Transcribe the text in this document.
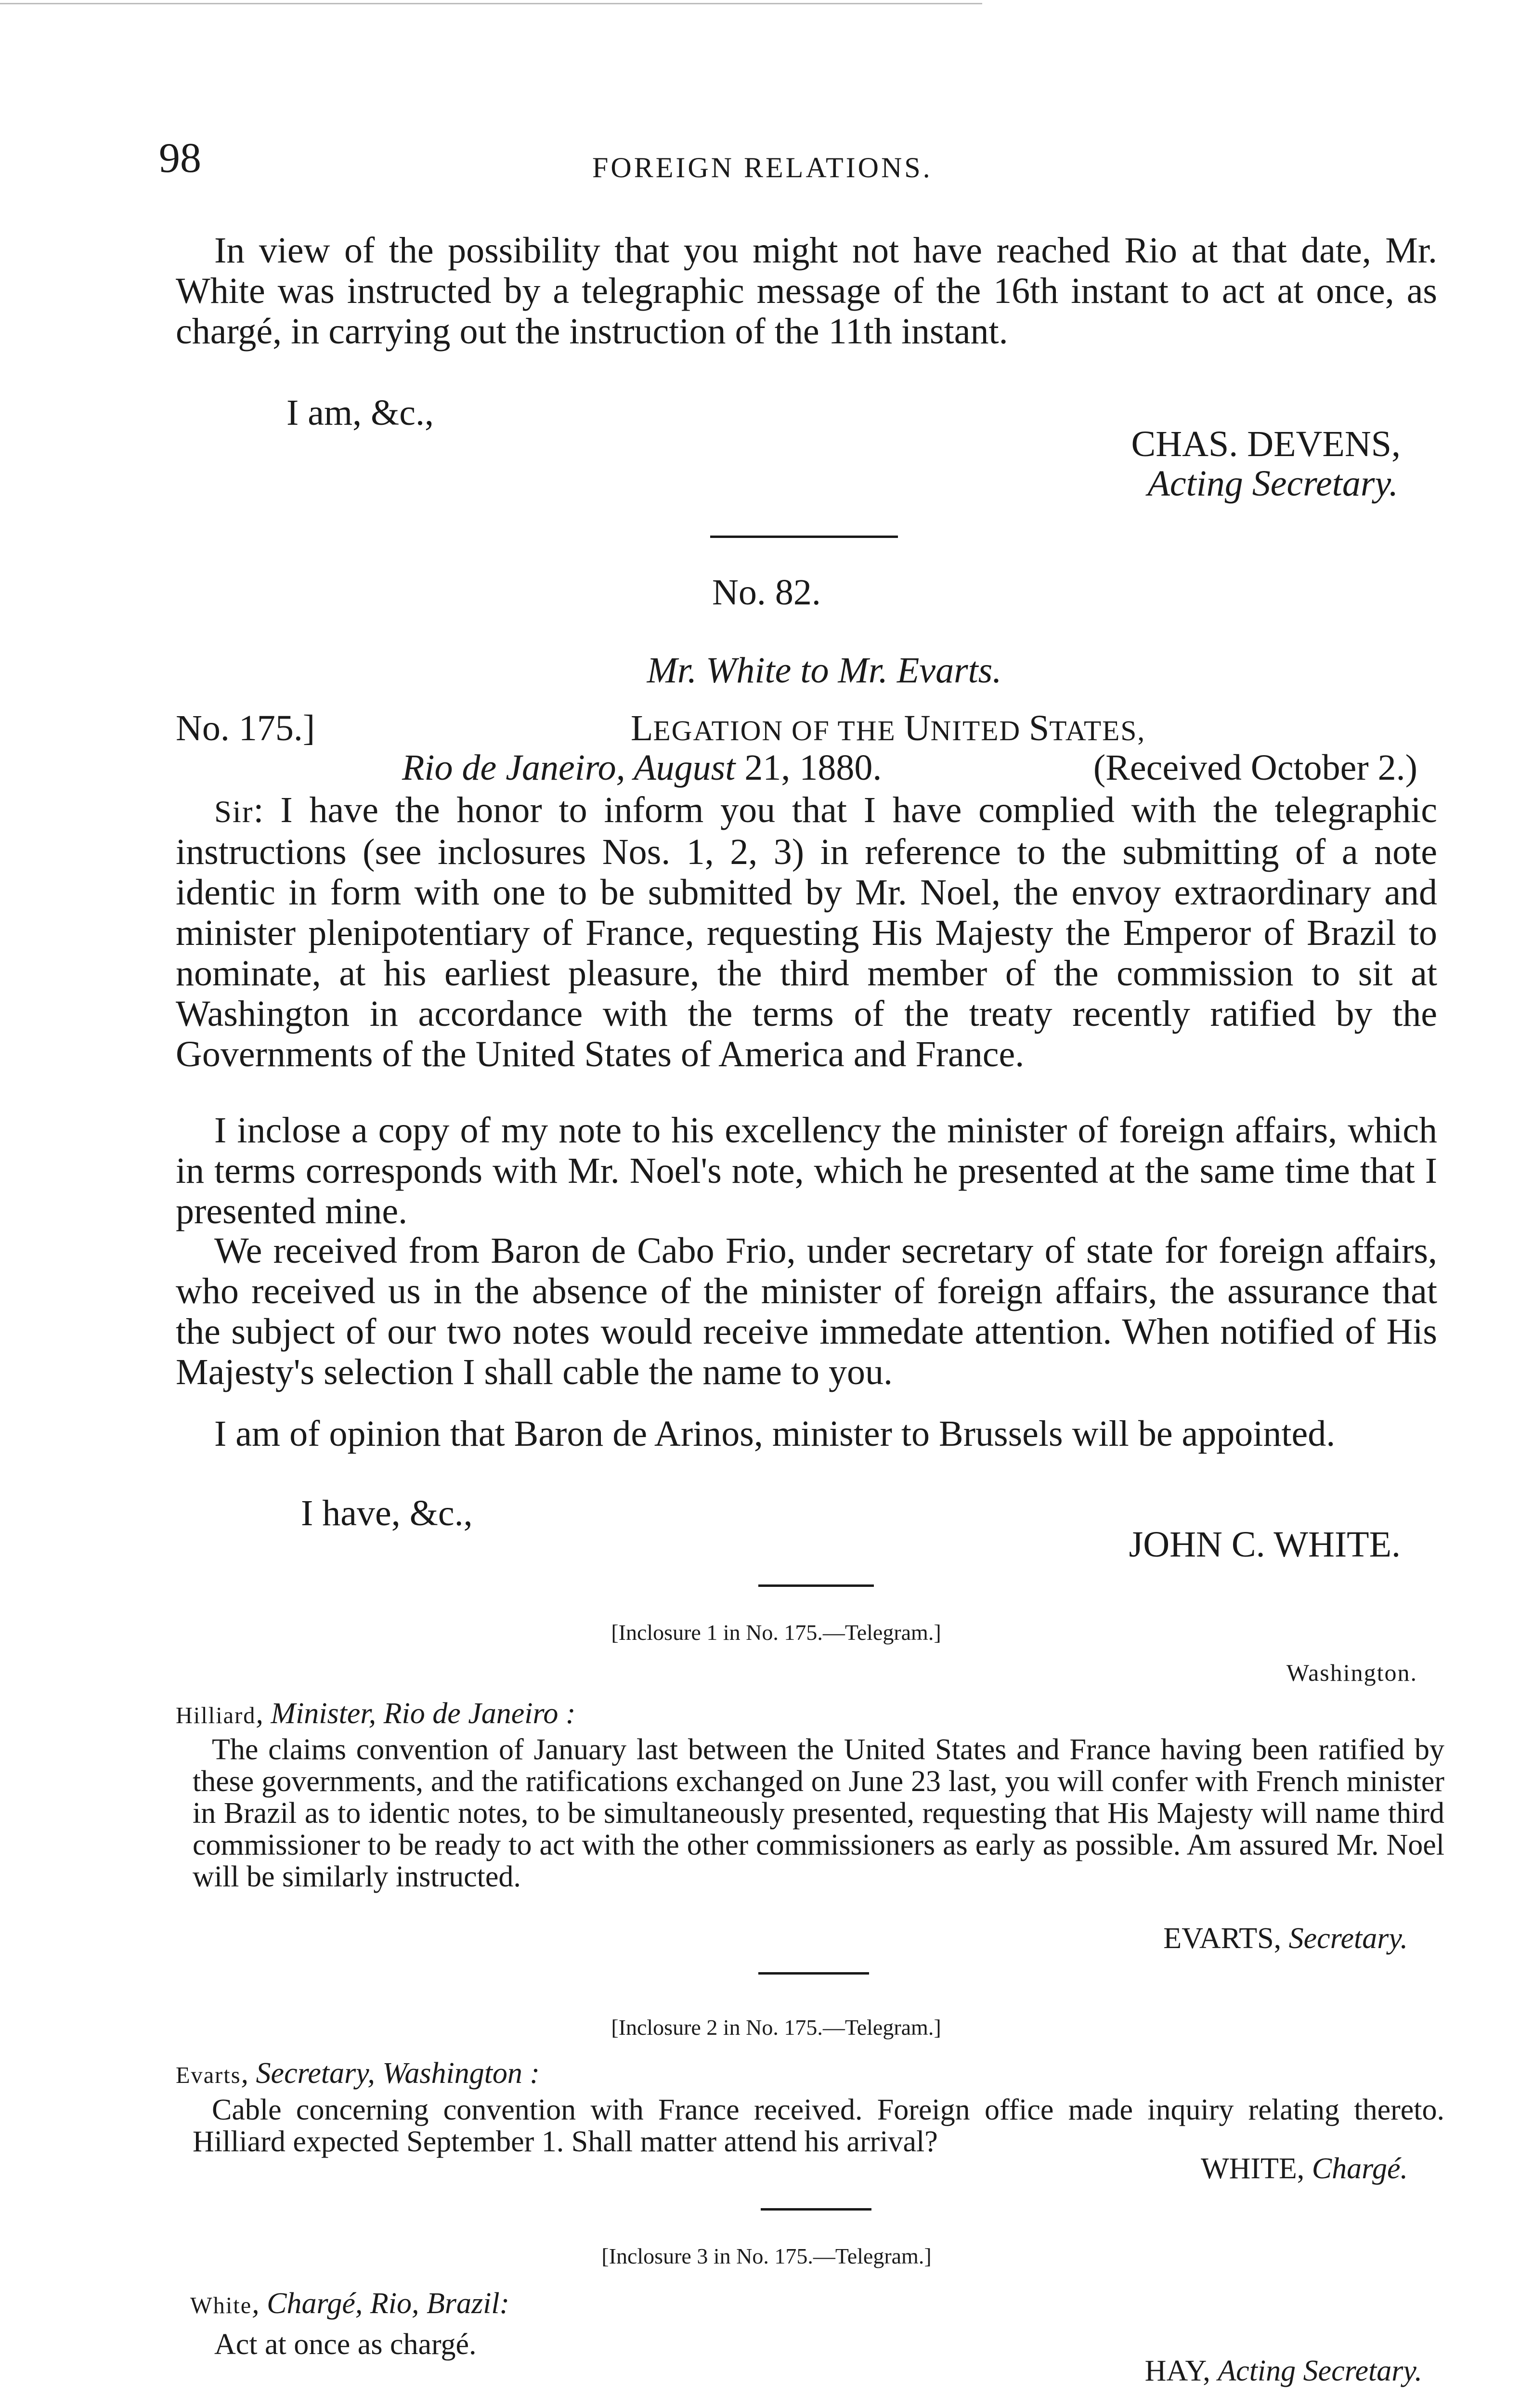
98	FOREIGN RELATIONS.

In view of the possibility that you might not have reached Rio at that date, Mr. White was instructed by a telegraphic message of the 16th instant to act at once, as chargé, in carrying out the instruction of the 11th instant.

I am, &c.,
CHAS. DEVENS,
Acting Secretary.
No. 82.
Mr. White to Mr. Evarts.
No. 175.]	LEGATION OF THE UNITED STATES,
Rio de Janeiro, August 21, 1880.	(Received October 2.)

Sir: I have the honor to inform you that I have complied with the telegraphic instructions (see inclosures Nos. 1, 2, 3) in reference to the submitting of a note identic in form with one to be submitted by Mr. Noel, the envoy extraordinary and minister plenipotentiary of France, requesting His Majesty the Emperor of Brazil to nominate, at his earliest pleasure, the third member of the commission to sit at Washington in accordance with the terms of the treaty recently ratified by the Governments of the United States of America and France.

I inclose a copy of my note to his excellency the minister of foreign affairs, which in terms corresponds with Mr. Noel's note, which he presented at the same time that I presented mine.

We received from Baron de Cabo Frio, under secretary of state for foreign affairs, who received us in the absence of the minister of foreign affairs, the assurance that the subject of our two notes would receive immedate attention. When notified of His Majesty's selection I shall cable the name to you.

I am of opinion that Baron de Arinos, minister to Brussels will be appointed.

I have, &c.,
JOHN C. WHITE.
[Inclosure 1 in No. 175.—Telegram.]
Washington.
Hilliard, Minister, Rio de Janeiro :

The claims convention of January last between the United States and France having been ratified by these governments, and the ratifications exchanged on June 23 last, you will confer with French minister in Brazil as to identic notes, to be simultaneously presented, requesting that His Majesty will name third commissioner to be ready to act with the other commissioners as early as possible. Am assured Mr. Noel will be similarly instructed.

EVARTS, Secretary.
[Inclosure 2 in No. 175.—Telegram.]
Evarts, Secretary, Washington :

Cable concerning convention with France received. Foreign office made inquiry relating thereto. Hilliard expected September 1. Shall matter attend his arrival?

WHITE, Chargé.
[Inclosure 3 in No. 175.—Telegram.]
White, Chargé, Rio, Brazil:
Act at once as chargé.
HAY, Acting Secretary.
